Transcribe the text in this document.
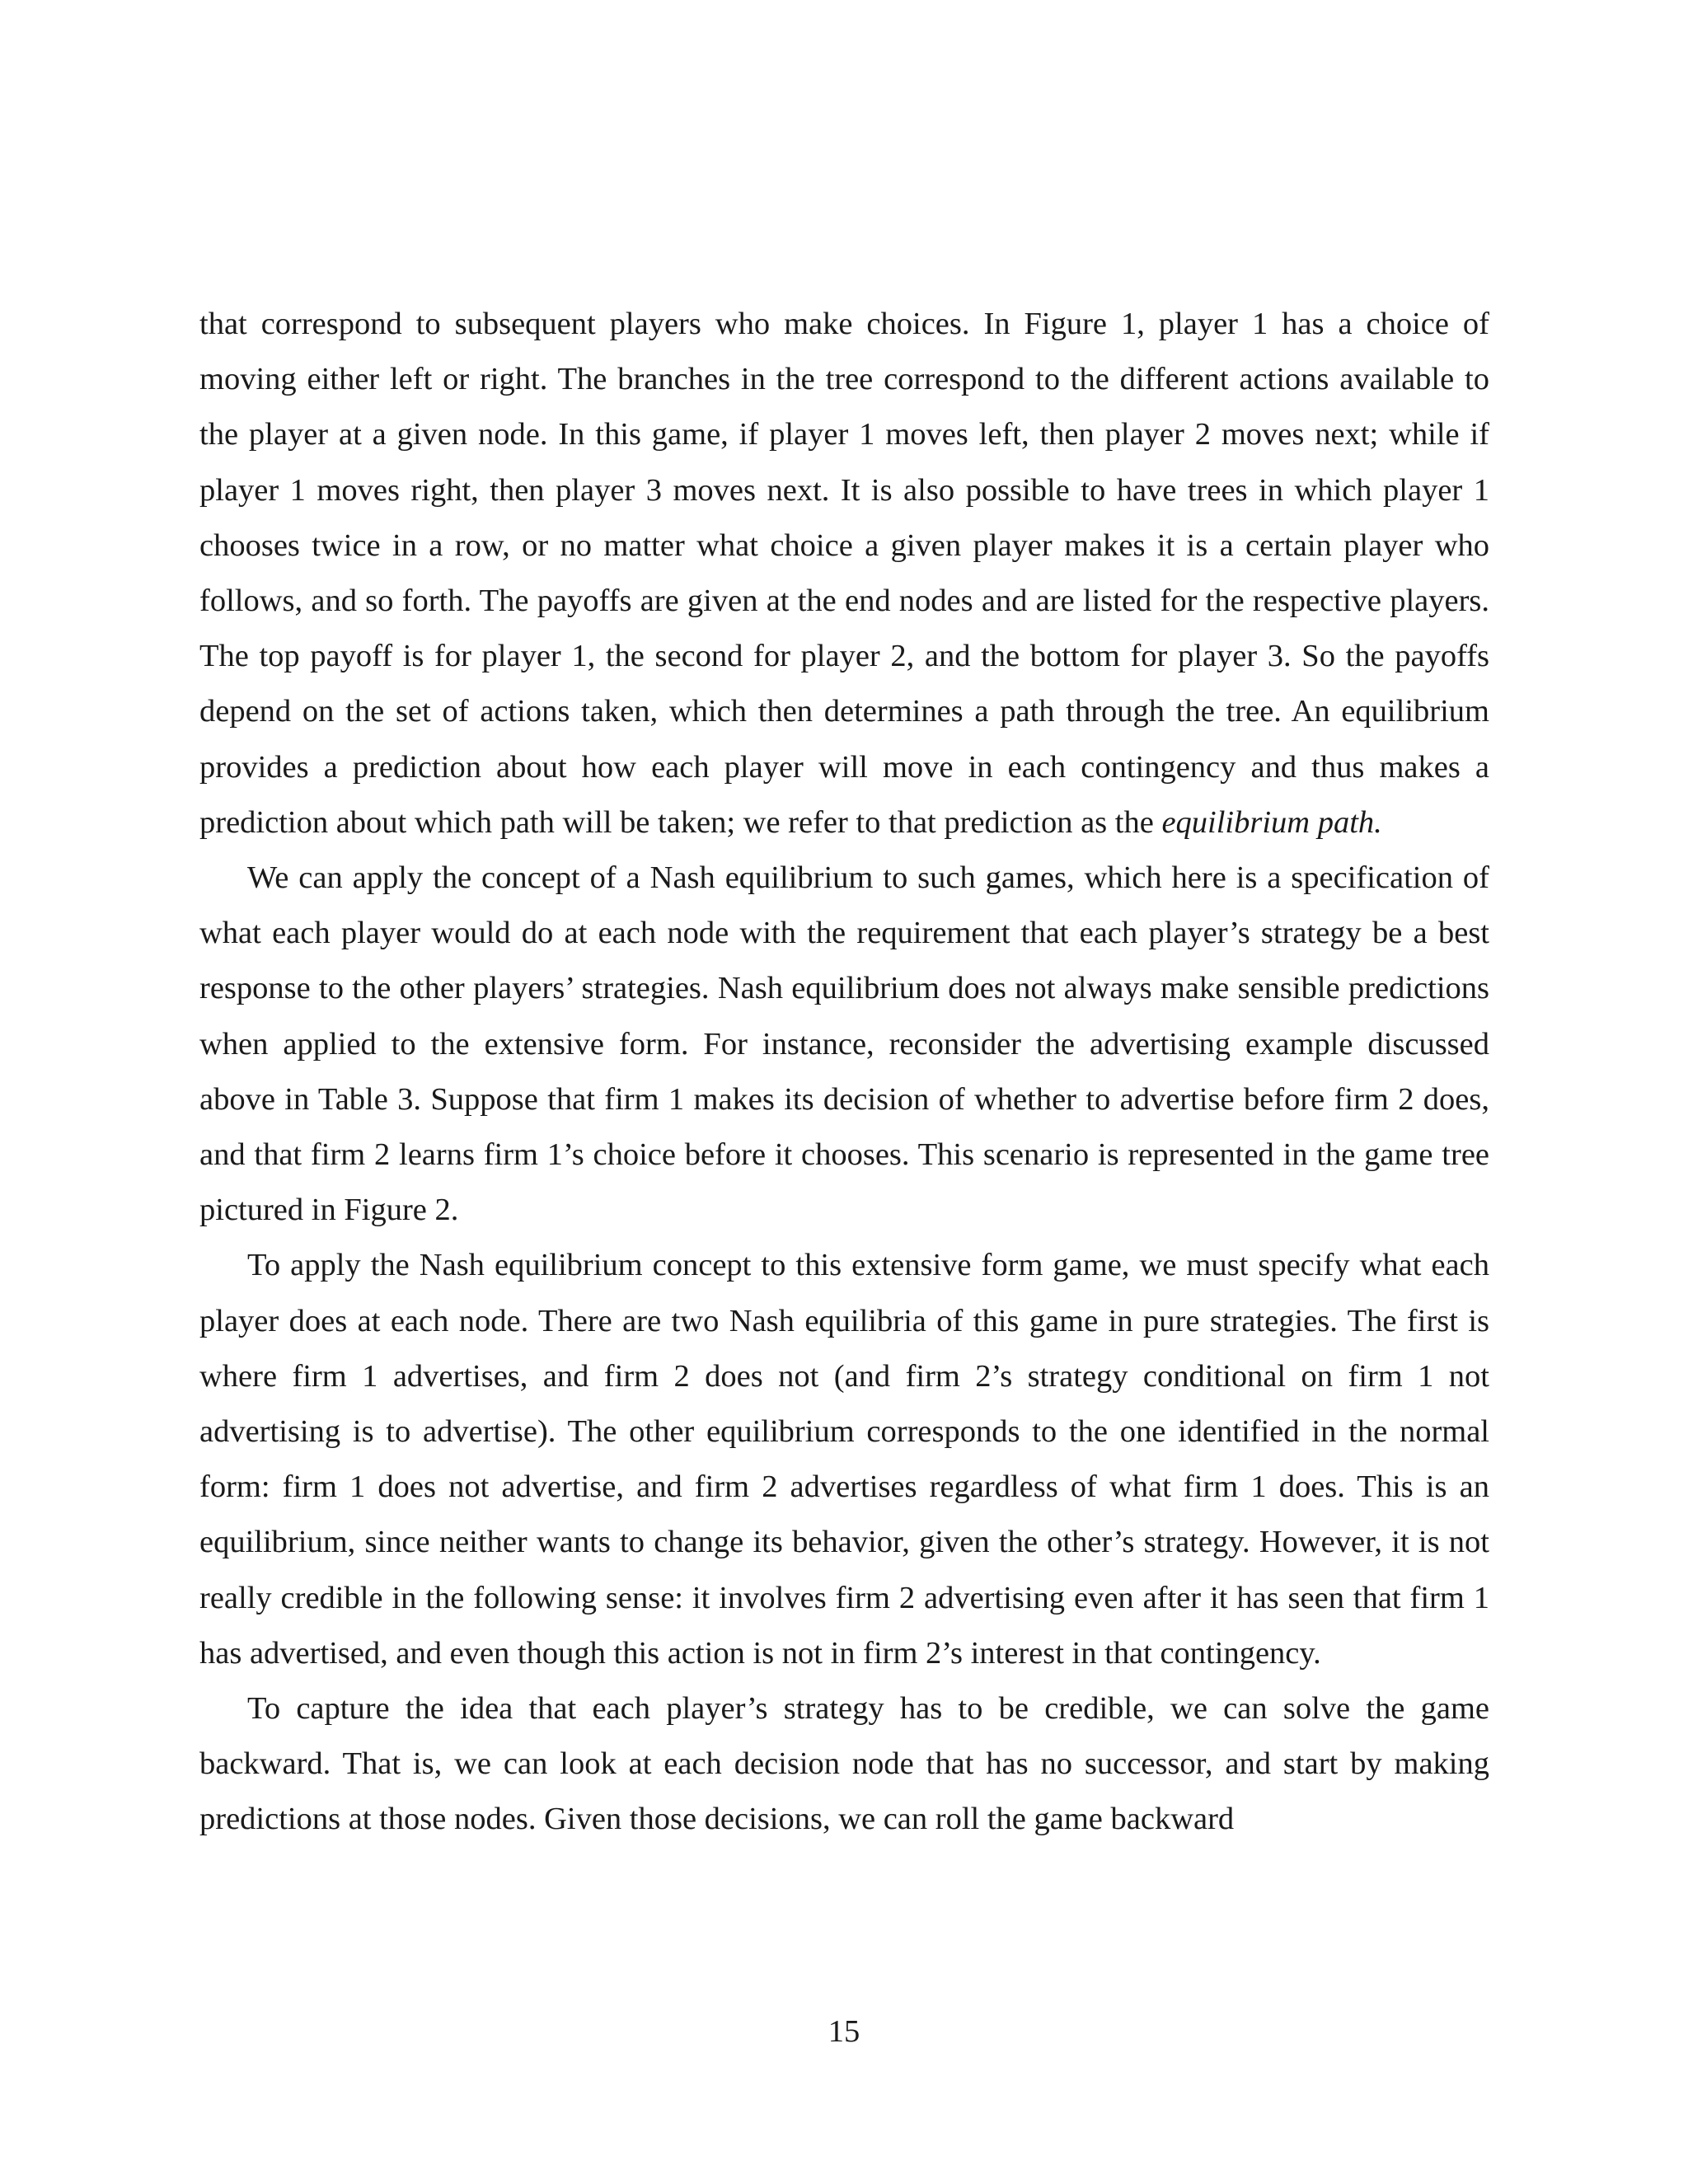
that correspond to subsequent players who make choices. In Figure 1, player 1 has a choice of moving either left or right. The branches in the tree correspond to the different actions available to the player at a given node. In this game, if player 1 moves left, then player 2 moves next; while if player 1 moves right, then player 3 moves next. It is also possible to have trees in which player 1 chooses twice in a row, or no matter what choice a given player makes it is a certain player who follows, and so forth. The payoffs are given at the end nodes and are listed for the respective players. The top payoff is for player 1, the second for player 2, and the bottom for player 3. So the payoffs depend on the set of actions taken, which then determines a path through the tree. An equilibrium provides a prediction about how each player will move in each contingency and thus makes a prediction about which path will be taken; we refer to that prediction as the equilibrium path.

We can apply the concept of a Nash equilibrium to such games, which here is a specification of what each player would do at each node with the requirement that each player’s strategy be a best response to the other players’ strategies. Nash equilibrium does not always make sensible predictions when applied to the extensive form. For instance, reconsider the advertising example discussed above in Table 3. Suppose that firm 1 makes its decision of whether to advertise before firm 2 does, and that firm 2 learns firm 1’s choice before it chooses. This scenario is represented in the game tree pictured in Figure 2.

To apply the Nash equilibrium concept to this extensive form game, we must specify what each player does at each node. There are two Nash equilibria of this game in pure strategies. The first is where firm 1 advertises, and firm 2 does not (and firm 2’s strategy conditional on firm 1 not advertising is to advertise). The other equilibrium corresponds to the one identified in the normal form: firm 1 does not advertise, and firm 2 advertises regardless of what firm 1 does. This is an equilibrium, since neither wants to change its behavior, given the other’s strategy. However, it is not really credible in the following sense: it involves firm 2 advertising even after it has seen that firm 1 has advertised, and even though this action is not in firm 2’s interest in that contingency.

To capture the idea that each player’s strategy has to be credible, we can solve the game backward. That is, we can look at each decision node that has no successor, and start by making predictions at those nodes. Given those decisions, we can roll the game backward

15
